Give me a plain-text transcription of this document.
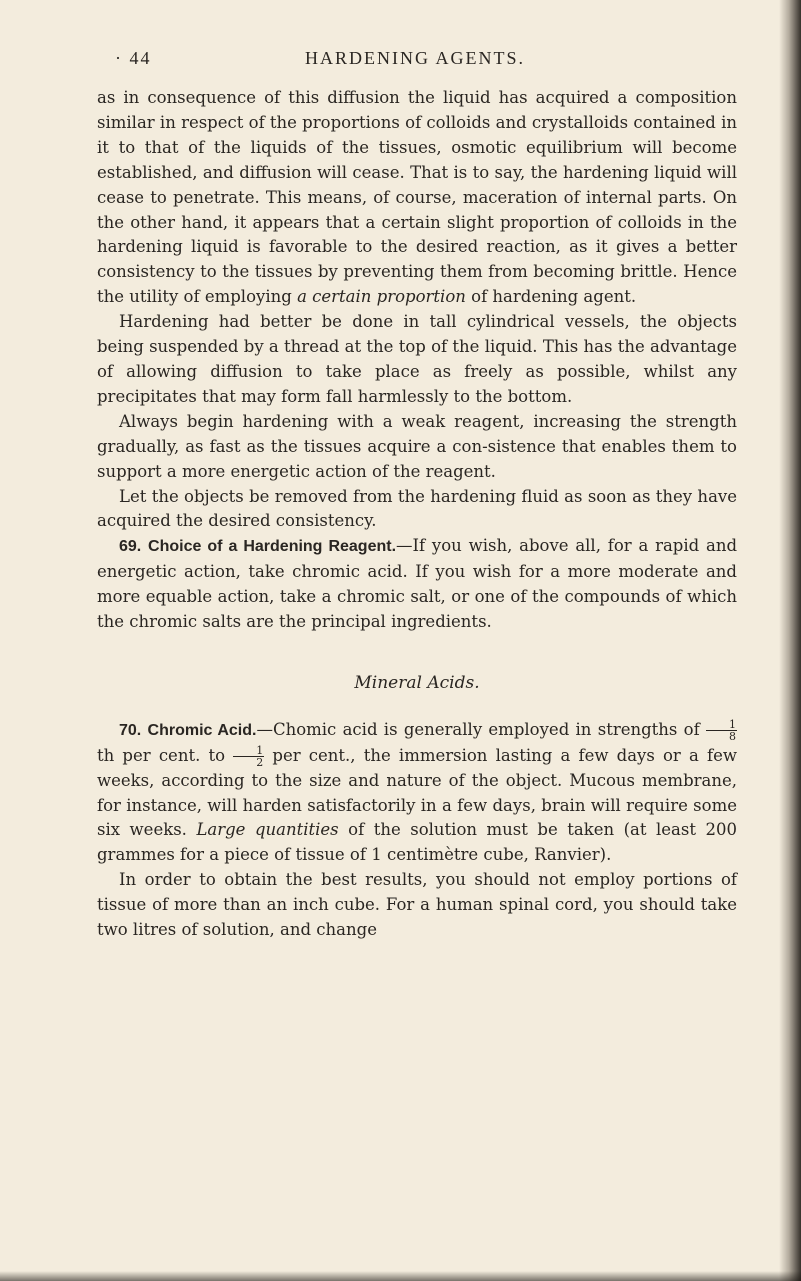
· 44	HARDENING AGENTS.

as in consequence of this diffusion the liquid has acquired a composition similar in respect of the proportions of colloids and crystalloids contained in it to that of the liquids of the tissues, osmotic equilibrium will become established, and diffusion will cease. That is to say, the hardening liquid will cease to penetrate. This means, of course, maceration of internal parts. On the other hand, it appears that a certain slight proportion of colloids in the hardening liquid is favorable to the desired reaction, as it gives a better consistency to the tissues by preventing them from becoming brittle. Hence the utility of employing a certain proportion of hardening agent.

Hardening had better be done in tall cylindrical vessels, the objects being suspended by a thread at the top of the liquid. This has the advantage of allowing diffusion to take place as freely as possible, whilst any precipitates that may form fall harmlessly to the bottom.

Always begin hardening with a weak reagent, increasing the strength gradually, as fast as the tissues acquire a con-sistence that enables them to support a more energetic action of the reagent.

Let the objects be removed from the hardening fluid as soon as they have acquired the desired consistency.

69. Choice of a Hardening Reagent.—If you wish, above all, for a rapid and energetic action, take chromic acid. If you wish for a more moderate and more equable action, take a chromic salt, or one of the compounds of which the chromic salts are the principal ingredients.

Mineral Acids.

70. Chromic Acid.—Chomic acid is generally employed in strengths of $\frac{1}{8}$
th per cent. to $\frac{1}{2}$ per cent., the immersion lasting a few days or a few weeks, according to the size and nature of the object. Mucous membrane, for instance, will harden satisfactorily in a few days, brain will require some six weeks. Large quantities of the solution must be taken (at least 200 grammes for a piece of tissue of 1 centimètre cube, Ranvier).

In order to obtain the best results, you should not employ portions of tissue of more than an inch cube. For a human spinal cord, you should take two litres of solution, and change
